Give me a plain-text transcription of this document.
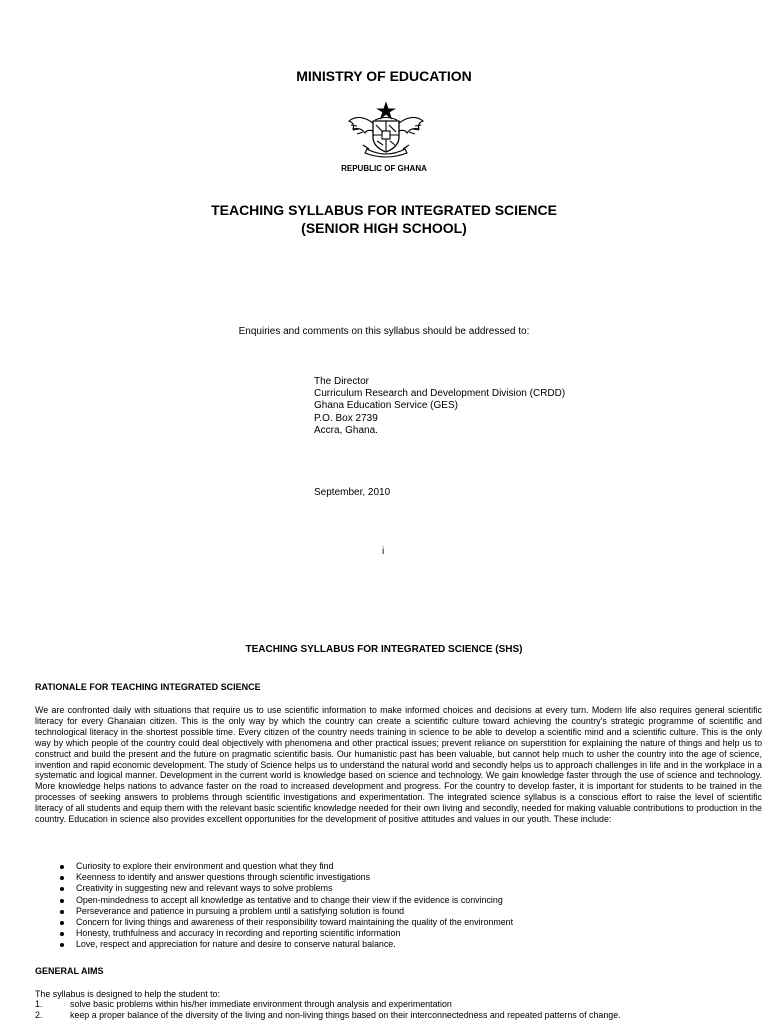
MINISTRY OF EDUCATION
REPUBLIC OF GHANA
TEACHING SYLLABUS FOR INTEGRATED SCIENCE
(SENIOR HIGH SCHOOL)
Enquiries and comments on this syllabus should be addressed to:
The Director
Curriculum Research and Development Division (CRDD)
Ghana Education Service (GES)
P.O. Box 2739
Accra, Ghana.
September, 2010
i
TEACHING SYLLABUS FOR INTEGRATED SCIENCE (SHS)
RATIONALE FOR TEACHING INTEGRATED SCIENCE
We are confronted daily with situations that require us to use scientific information to make informed choices and decisions at every turn. Modern life also requires general scientific literacy for every Ghanaian citizen. This is the only way by which the country can create a scientific culture toward achieving the country's strategic programme of scientific and technological literacy in the shortest possible time. Every citizen of the country needs training in science to be able to develop a scientific mind and a scientific culture. This is the only way by which people of the country could deal objectively with phenomena and other practical issues; prevent reliance on superstition for explaining the nature of things and help us to construct and build the present and the future on pragmatic scientific basis. Our humanistic past has been valuable, but cannot help much to usher the country into the age of science, invention and rapid economic development. The study of Science helps us to understand the natural world and secondly helps us to approach challenges in life and in the workplace in a systematic and logical manner. Development in the current world is knowledge based on science and technology. We gain knowledge faster through the use of science and technology. More knowledge helps nations to advance faster on the road to increased development and progress. For the country to develop faster, it is important for students to be trained in the processes of seeking answers to problems through scientific investigations and experimentation. The integrated science syllabus is a conscious effort to raise the level of scientific literacy of all students and equip them with the relevant basic scientific knowledge needed for their own living and secondly, needed for making valuable contributions to production in the country. Education in science also provides excellent opportunities for the development of positive attitudes and values in our youth. These include:
Curiosity to explore their environment and question what they find
Keenness to identify and answer questions through scientific investigations
Creativity in suggesting new and relevant ways to solve problems
Open-mindedness to accept all knowledge as tentative and to change their view if the evidence is convincing
Perseverance and patience in pursuing a problem until a satisfying solution is found
Concern for living things and awareness of their responsibility toward maintaining the quality of the environment
Honesty, truthfulness and accuracy in recording and reporting scientific information
Love, respect and appreciation for nature and desire to conserve natural balance.
GENERAL AIMS
The syllabus is designed to help the student to:
1.	solve basic problems within his/her immediate environment through analysis and experimentation
2.	keep a proper balance of the diversity of the living and non-living things based on their interconnectedness and repeated patterns of change.
